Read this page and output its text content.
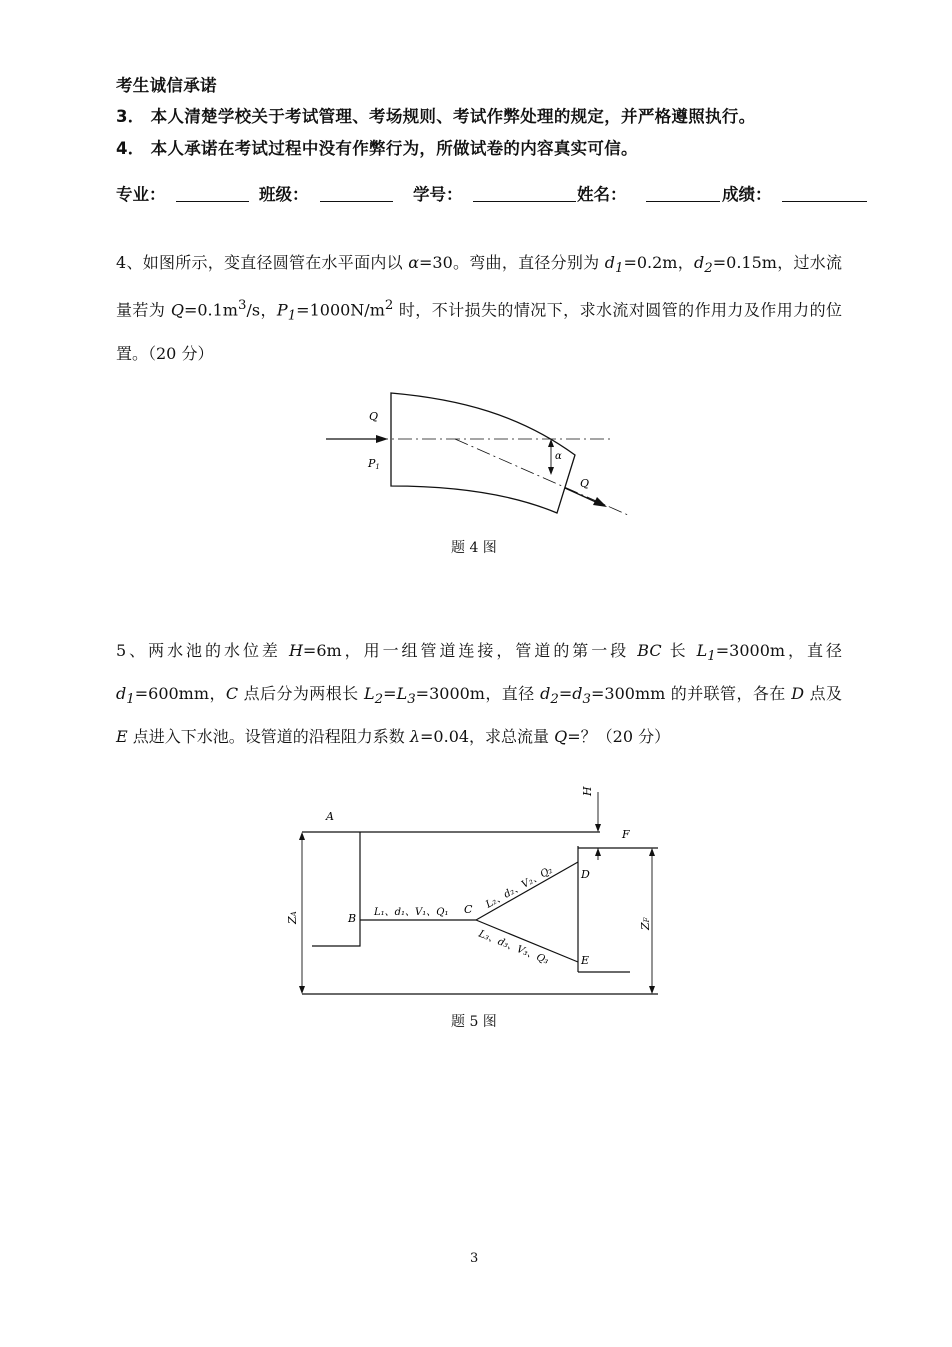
考生诚信承诺
3． 本人清楚学校关于考试管理、考场规则、考试作弊处理的规定，并严格遵照执行。
4． 本人承诺在考试过程中没有作弊行为，所做试卷的内容真实可信。
专业：	班级：	学号：	姓名：	成绩：
4、如图所示，变直径圆管在水平面内以 α=30。弯曲，直径分别为 $d_1=0.2m$，$d_2=0.15m$，过水流量若为 $Q=0.1m^3/s$，$P_1=1000N/m^2$ 时，不计损失的情况下，求水流对圆管的作用力及作用力的位置。（20 分）
Q
P1
α
Q
题 4 图
5、两水池的水位差 H=6m，用一组管道连接，管道的第一段 BC 长 $L_1=3000m$，直径 $d_1=600mm$，C 点后分为两根长 $L_2=L_3=3000m$，直径 $d_2=d_3=300mm$ 的并联管，各在 D 点及 E 点进入下水池。设管道的沿程阻力系数 λ=0.04，求总流量 Q=？（20 分）
A
B
C
D
E
F
H
ZA
ZF
L₁、d₁、V₁、Q₁
L₂、d₂、V₂、Q₂
L₃、d₃、V₃、Q₃
题 5 图
3
